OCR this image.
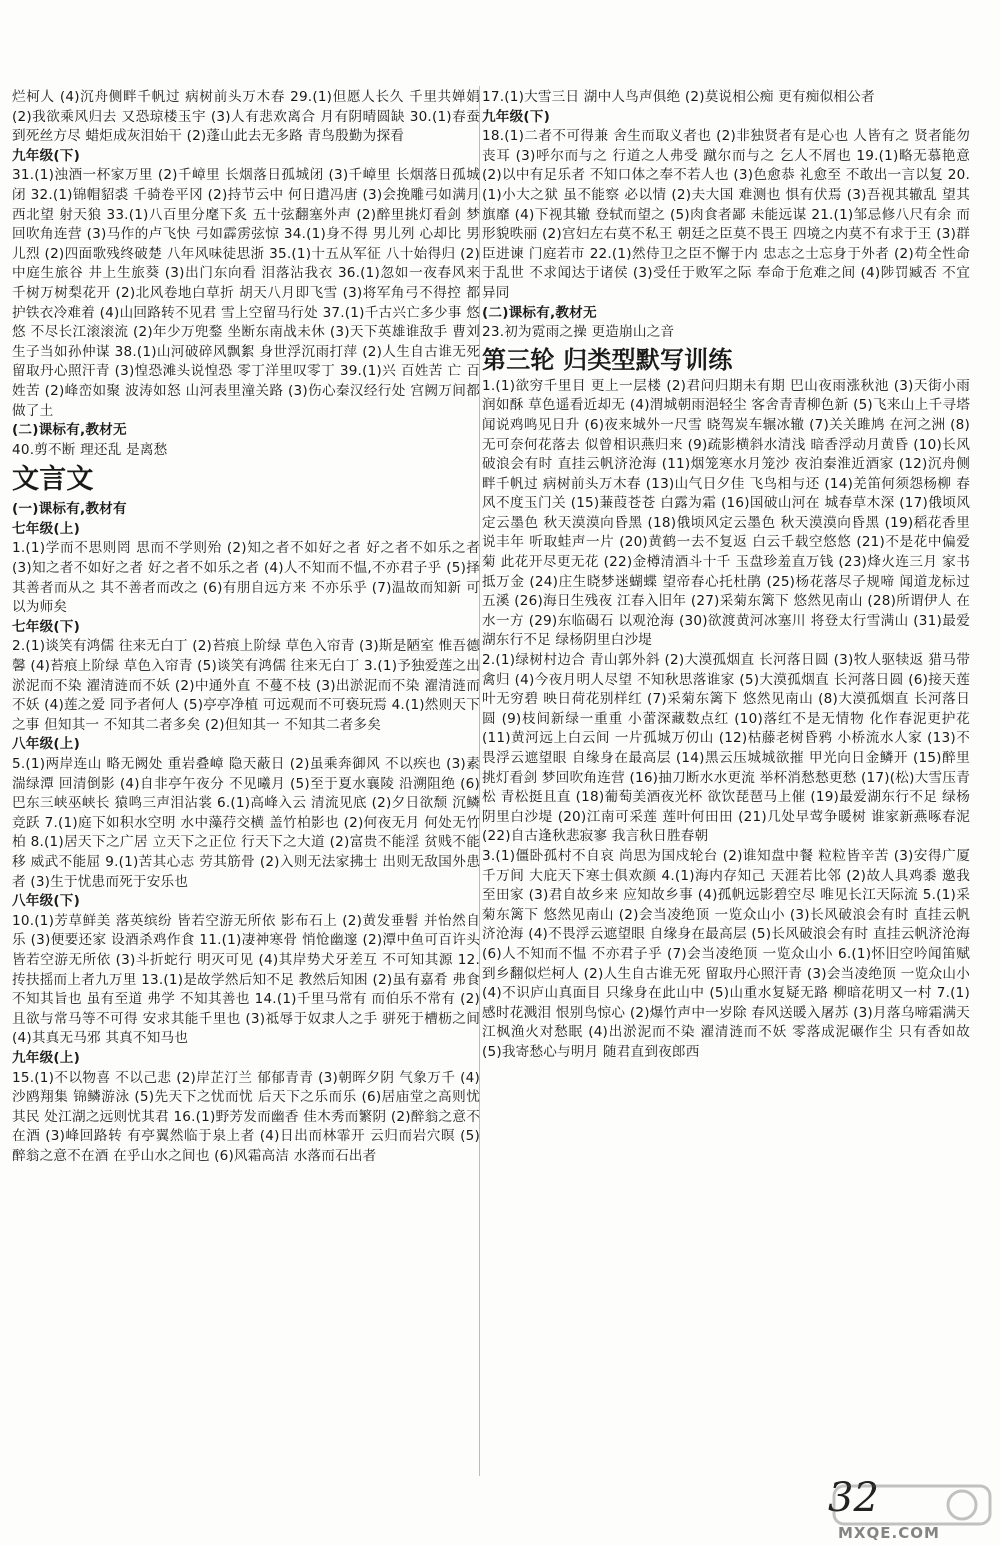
烂柯人 (4)沉舟侧畔千帆过 病树前头万木春 29.(1)但愿人长久 千里共婵娟 (2)我欲乘风归去 又恐琼楼玉宇 (3)人有悲欢离合 月有阴晴圆缺 30.(1)春蚕到死丝方尽 蜡炬成灰泪始干 (2)蓬山此去无多路 青鸟殷勤为探看

九年级(下)

31.(1)浊酒一杯家万里 (2)千嶂里 长烟落日孤城闭 (3)千嶂里 长烟落日孤城闭 32.(1)锦帽貂裘 千骑卷平冈 (2)持节云中 何日遣冯唐 (3)会挽雕弓如满月 西北望 射天狼 33.(1)八百里分麾下炙 五十弦翻塞外声 (2)醉里挑灯看剑 梦回吹角连营 (3)马作的卢飞快 弓如霹雳弦惊 34.(1)身不得 男儿列 心却比 男儿烈 (2)四面歌残终破楚 八年风味徒思浙 35.(1)十五从军征 八十始得归 (2)中庭生旅谷 井上生旅葵 (3)出门东向看 泪落沾我衣 36.(1)忽如一夜春风来 千树万树梨花开 (2)北风卷地白草折 胡天八月即飞雪 (3)将军角弓不得控 都护铁衣冷难着 (4)山回路转不见君 雪上空留马行处 37.(1)千古兴亡多少事 悠悠 不尽长江滚滚流 (2)年少万兜鍪 坐断东南战未休 (3)天下英雄谁敌手 曹刘 生子当如孙仲谋 38.(1)山河破碎风飘絮 身世浮沉雨打萍 (2)人生自古谁无死 留取丹心照汗青 (3)惶恐滩头说惶恐 零丁洋里叹零丁 39.(1)兴 百姓苦 亡 百姓苦 (2)峰峦如聚 波涛如怒 山河表里潼关路 (3)伤心秦汉经行处 宫阙万间都做了土

(二)课标有,教材无

40.剪不断 理还乱 是离愁

文言文

(一)课标有,教材有

七年级(上)

1.(1)学而不思则罔 思而不学则殆 (2)知之者不如好之者 好之者不如乐之者 (3)知之者不如好之者 好之者不如乐之者 (4)人不知而不愠,不亦君子乎 (5)择其善者而从之 其不善者而改之 (6)有朋自远方来 不亦乐乎 (7)温故而知新 可以为师矣

七年级(下)

2.(1)谈笑有鸿儒 往来无白丁 (2)苔痕上阶绿 草色入帘青 (3)斯是陋室 惟吾德馨 (4)苔痕上阶绿 草色入帘青 (5)谈笑有鸿儒 往来无白丁 3.(1)予独爱莲之出淤泥而不染 濯清涟而不妖 (2)中通外直 不蔓不枝 (3)出淤泥而不染 濯清涟而不妖 (4)莲之爱 同予者何人 (5)亭亭净植 可远观而不可亵玩焉 4.(1)然则天下之事 但知其一 不知其二者多矣 (2)但知其一 不知其二者多矣

八年级(上)

5.(1)两岸连山 略无阙处 重岩叠嶂 隐天蔽日 (2)虽乘奔御风 不以疾也 (3)素湍绿潭 回清倒影 (4)自非亭午夜分 不见曦月 (5)至于夏水襄陵 沿溯阻绝 (6)巴东三峡巫峡长 猿鸣三声泪沾裳 6.(1)高峰入云 清流见底 (2)夕日欲颓 沉鳞竞跃 7.(1)庭下如积水空明 水中藻荇交横 盖竹柏影也 (2)何夜无月 何处无竹柏 8.(1)居天下之广居 立天下之正位 行天下之大道 (2)富贵不能淫 贫贱不能移 威武不能屈 9.(1)苦其心志 劳其筋骨 (2)入则无法家拂士 出则无敌国外患者 (3)生于忧患而死于安乐也

八年级(下)

10.(1)芳草鲜美 落英缤纷 皆若空游无所依 影布石上 (2)黄发垂髫 并怡然自乐 (3)便要还家 设酒杀鸡作食 11.(1)凄神寒骨 悄怆幽邃 (2)潭中鱼可百许头 皆若空游无所依 (3)斗折蛇行 明灭可见 (4)其岸势犬牙差互 不可知其源 12.抟扶摇而上者九万里 13.(1)是故学然后知不足 教然后知困 (2)虽有嘉肴 弗食 不知其旨也 虽有至道 弗学 不知其善也 14.(1)千里马常有 而伯乐不常有 (2)且欲与常马等不可得 安求其能千里也 (3)祗辱于奴隶人之手 骈死于槽枥之间 (4)其真无马邪 其真不知马也

九年级(上)

15.(1)不以物喜 不以己悲 (2)岸芷汀兰 郁郁青青 (3)朝晖夕阴 气象万千 (4)沙鸥翔集 锦鳞游泳 (5)先天下之忧而忧 后天下之乐而乐 (6)居庙堂之高则忧其民 处江湖之远则忧其君 16.(1)野芳发而幽香 佳木秀而繁阴 (2)醉翁之意不在酒 (3)峰回路转 有亭翼然临于泉上者 (4)日出而林霏开 云归而岩穴暝 (5)醉翁之意不在酒 在乎山水之间也 (6)风霜高洁 水落而石出者

17.(1)大雪三日 湖中人鸟声俱绝 (2)莫说相公痴 更有痴似相公者

九年级(下)

18.(1)二者不可得兼 舍生而取义者也 (2)非独贤者有是心也 人皆有之 贤者能勿丧耳 (3)呼尔而与之 行道之人弗受 蹴尔而与之 乞人不屑也 19.(1)略无慕艳意 (2)以中有足乐者 不知口体之奉不若人也 (3)色愈恭 礼愈至 不敢出一言以复 20.(1)小大之狱 虽不能察 必以情 (2)夫大国 难测也 惧有伏焉 (3)吾视其辙乱 望其旗靡 (4)下视其辙 登轼而望之 (5)肉食者鄙 未能远谋 21.(1)邹忌修八尺有余 而形貌昳丽 (2)宫妇左右莫不私王 朝廷之臣莫不畏王 四境之内莫不有求于王 (3)群臣进谏 门庭若市 22.(1)然侍卫之臣不懈于内 忠志之士忘身于外者 (2)苟全性命于乱世 不求闻达于诸侯 (3)受任于败军之际 奉命于危难之间 (4)陟罚臧否 不宜异同

(二)课标有,教材无

23.初为霓雨之操 更造崩山之音

第三轮 归类型默写训练

1.(1)欲穷千里目 更上一层楼 (2)君问归期未有期 巴山夜雨涨秋池 (3)天街小雨润如酥 草色遥看近却无 (4)渭城朝雨浥轻尘 客舍青青柳色新 (5)飞来山上千寻塔 闻说鸡鸣见日升 (6)夜来城外一尺雪 晓驾炭车辗冰辙 (7)关关雎鸠 在河之洲 (8)无可奈何花落去 似曾相识燕归来 (9)疏影横斜水清浅 暗香浮动月黄昏 (10)长风破浪会有时 直挂云帆济沧海 (11)烟笼寒水月笼沙 夜泊秦淮近酒家 (12)沉舟侧畔千帆过 病树前头万木春 (13)山气日夕佳 飞鸟相与还 (14)羌笛何须怨杨柳 春风不度玉门关 (15)蒹葭苍苍 白露为霜 (16)国破山河在 城春草木深 (17)俄顷风定云墨色 秋天漠漠向昏黑 (18)俄顷风定云墨色 秋天漠漠向昏黑 (19)稻花香里说丰年 听取蛙声一片 (20)黄鹤一去不复返 白云千载空悠悠 (21)不是花中偏爱菊 此花开尽更无花 (22)金樽清酒斗十千 玉盘珍羞直万钱 (23)烽火连三月 家书抵万金 (24)庄生晓梦迷蝴蝶 望帝春心托杜鹃 (25)杨花落尽子规啼 闻道龙标过五溪 (26)海日生残夜 江春入旧年 (27)采菊东篱下 悠然见南山 (28)所谓伊人 在水一方 (29)东临碣石 以观沧海 (30)欲渡黄河冰塞川 将登太行雪满山 (31)最爱湖东行不足 绿杨阴里白沙堤

2.(1)绿树村边合 青山郭外斜 (2)大漠孤烟直 长河落日圆 (3)牧人驱犊返 猎马带禽归 (4)今夜月明人尽望 不知秋思落谁家 (5)大漠孤烟直 长河落日圆 (6)接天莲叶无穷碧 映日荷花别样红 (7)采菊东篱下 悠然见南山 (8)大漠孤烟直 长河落日圆 (9)枝间新绿一重重 小蕾深藏数点红 (10)落红不是无情物 化作春泥更护花 (11)黄河远上白云间 一片孤城万仞山 (12)枯藤老树昏鸦 小桥流水人家 (13)不畏浮云遮望眼 自缘身在最高层 (14)黑云压城城欲摧 甲光向日金鳞开 (15)醉里挑灯看剑 梦回吹角连营 (16)抽刀断水水更流 举杯消愁愁更愁 (17)(松)大雪压青松 青松挺且直 (18)葡萄美酒夜光杯 欲饮琵琶马上催 (19)最爱湖东行不足 绿杨阴里白沙堤 (20)江南可采莲 莲叶何田田 (21)几处早莺争暖树 谁家新燕啄春泥 (22)自古逢秋悲寂寥 我言秋日胜春朝

3.(1)僵卧孤村不自哀 尚思为国戍轮台 (2)谁知盘中餐 粒粒皆辛苦 (3)安得广厦千万间 大庇天下寒士俱欢颜 4.(1)海内存知己 天涯若比邻 (2)故人具鸡黍 邀我至田家 (3)君自故乡来 应知故乡事 (4)孤帆远影碧空尽 唯见长江天际流 5.(1)采菊东篱下 悠然见南山 (2)会当凌绝顶 一览众山小 (3)长风破浪会有时 直挂云帆济沧海 (4)不畏浮云遮望眼 自缘身在最高层 (5)长风破浪会有时 直挂云帆济沧海 (6)人不知而不愠 不亦君子乎 (7)会当凌绝顶 一览众山小 6.(1)怀旧空吟闻笛赋 到乡翻似烂柯人 (2)人生自古谁无死 留取丹心照汗青 (3)会当凌绝顶 一览众山小 (4)不识庐山真面目 只缘身在此山中 (5)山重水复疑无路 柳暗花明又一村 7.(1)感时花溅泪 恨别鸟惊心 (2)爆竹声中一岁除 春风送暖入屠苏 (3)月落乌啼霜满天 江枫渔火对愁眠 (4)出淤泥而不染 濯清涟而不妖 零落成泥碾作尘 只有香如故 (5)我寄愁心与明月 随君直到夜郎西

32
MXQE.COM
